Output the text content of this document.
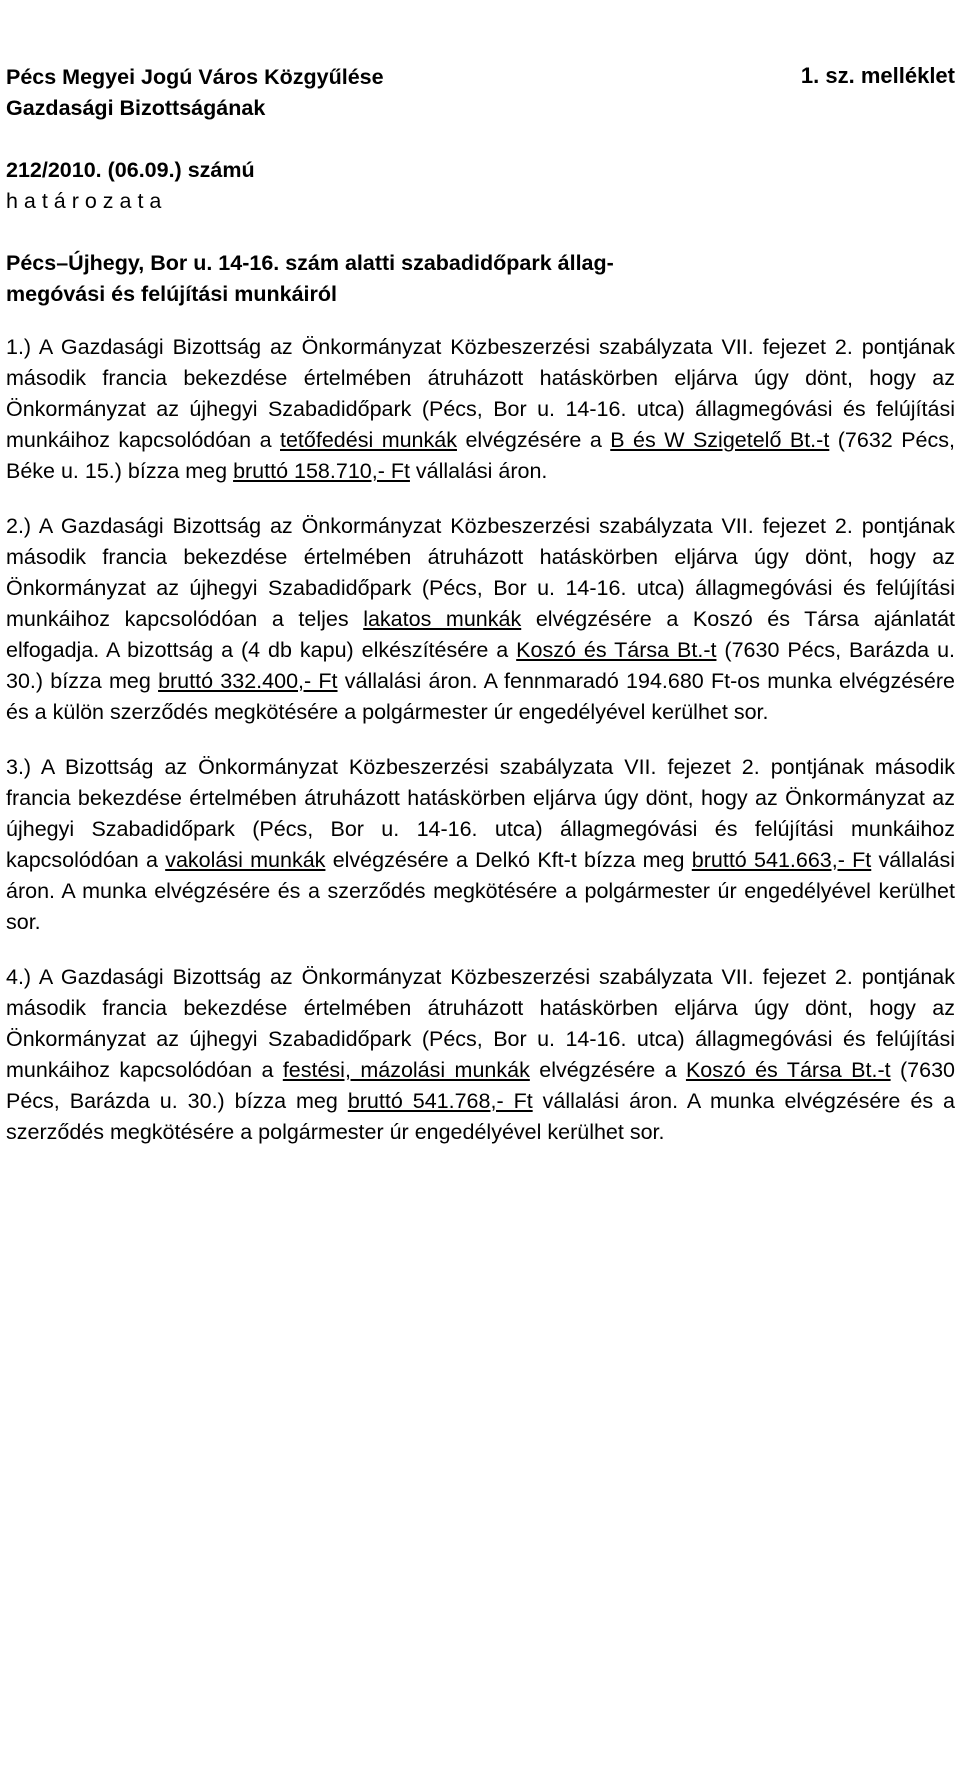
1. sz. melléklet

Pécs Megyei Jogú Város Közgyűlése

Gazdasági Bizottságának

212/2010. (06.09.) számú

h a t á r o z a t a

Pécs–Újhegy, Bor u. 14-16. szám alatti szabadidőpark állag-

megóvási és felújítási munkáiról

1.) A Gazdasági Bizottság az Önkormányzat Közbeszerzési szabályzata VII. fejezet 2. pontjának második francia bekezdése értelmében átruházott hatáskörben eljárva úgy dönt, hogy az Önkormányzat az újhegyi Szabadidőpark (Pécs, Bor u. 14-16. utca) állagmegóvási és felújítási munkáihoz kapcsolódóan a tetőfedési munkák elvégzésére a B és W Szigetelő Bt.-t (7632 Pécs, Béke u. 15.) bízza meg bruttó 158.710,- Ft vállalási áron.

2.) A Gazdasági Bizottság az Önkormányzat Közbeszerzési szabályzata VII. fejezet 2. pontjának második francia bekezdése értelmében átruházott hatáskörben eljárva úgy dönt, hogy az Önkormányzat az újhegyi Szabadidőpark (Pécs, Bor u. 14-16. utca) állagmegóvási és felújítási munkáihoz kapcsolódóan a teljes lakatos munkák elvégzésére a Koszó és Társa ajánlatát elfogadja. A bizottság a (4 db kapu) elkészítésére a Koszó és Társa Bt.-t (7630 Pécs, Barázda u. 30.) bízza meg bruttó 332.400,- Ft vállalási áron. A fennmaradó 194.680 Ft-os munka elvégzésére és a külön szerződés megkötésére a polgármester úr engedélyével kerülhet sor.

3.) A Bizottság az Önkormányzat Közbeszerzési szabályzata VII. fejezet 2. pontjának második francia bekezdése értelmében átruházott hatáskörben eljárva úgy dönt, hogy az Önkormányzat az újhegyi Szabadidőpark (Pécs, Bor u. 14-16. utca) állagmegóvási és felújítási munkáihoz kapcsolódóan a vakolási munkák elvégzésére a Delkó Kft-t bízza meg bruttó 541.663,- Ft vállalási áron. A munka elvégzésére és a szerződés megkötésére a polgármester úr engedélyével kerülhet sor.

4.) A Gazdasági Bizottság az Önkormányzat Közbeszerzési szabályzata VII. fejezet 2. pontjának második francia bekezdése értelmében átruházott hatáskörben eljárva úgy dönt, hogy az Önkormányzat az újhegyi Szabadidőpark (Pécs, Bor u. 14-16. utca) állagmegóvási és felújítási munkáihoz kapcsolódóan a festési, mázolási munkák elvégzésére a Koszó és Társa Bt.-t (7630 Pécs, Barázda u. 30.) bízza meg bruttó 541.768,- Ft vállalási áron. A munka elvégzésére és a szerződés megkötésére a polgármester úr engedélyével kerülhet sor.
